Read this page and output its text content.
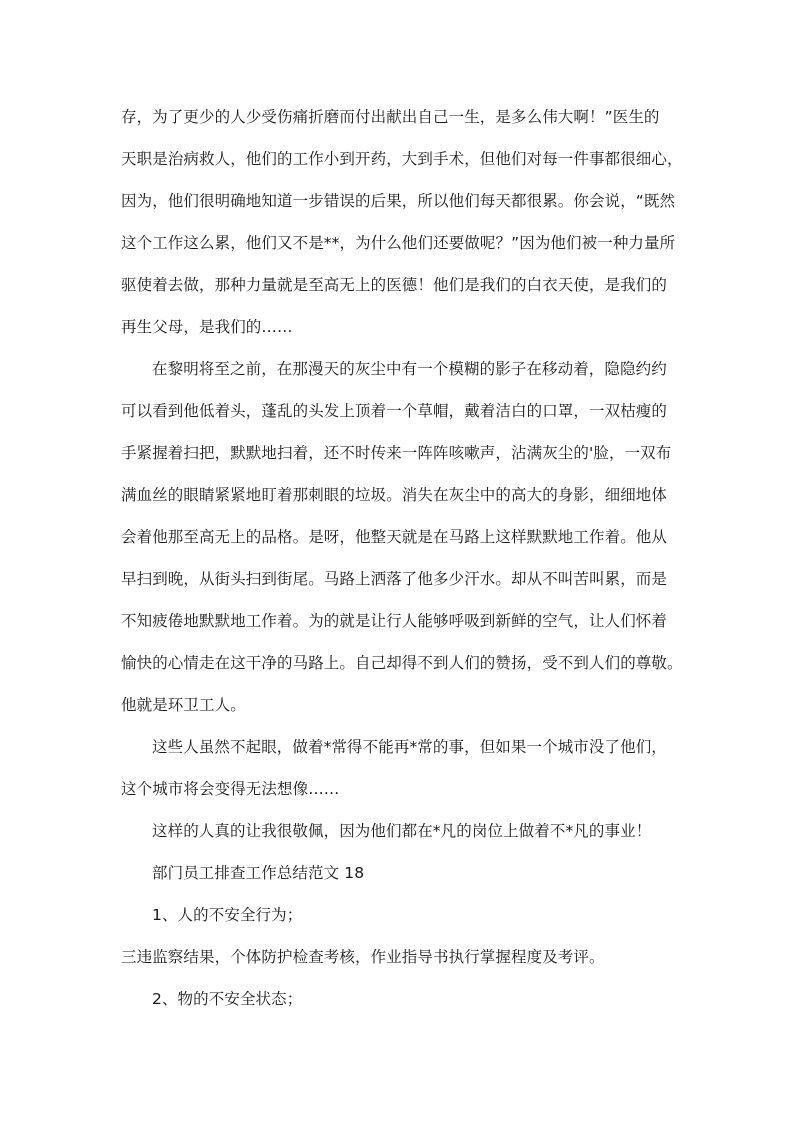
存，为了更少的人少受伤痛折磨而付出献出自己一生，是多么伟大啊！”医生的
天职是治病救人，他们的工作小到开药，大到手术，但他们对每一件事都很细心，
因为，他们很明确地知道一步错误的后果，所以他们每天都很累。你会说，“既然
这个工作这么累，他们又不是**，为什么他们还要做呢？”因为他们被一种力量所
驱使着去做，那种力量就是至高无上的医德！他们是我们的白衣天使，是我们的
再生父母，是我们的……
在黎明将至之前，在那漫天的灰尘中有一个模糊的影子在移动着，隐隐约约
可以看到他低着头，蓬乱的头发上顶着一个草帽，戴着洁白的口罩，一双枯瘦的
手紧握着扫把，默默地扫着，还不时传来一阵阵咳嗽声，沾满灰尘的'脸，一双布
满血丝的眼睛紧紧地盯着那刺眼的垃圾。消失在灰尘中的高大的身影，细细地体
会着他那至高无上的品格。是呀，他整天就是在马路上这样默默地工作着。他从
早扫到晚，从街头扫到街尾。马路上洒落了他多少汗水。却从不叫苦叫累，而是
不知疲倦地默默地工作着。为的就是让行人能够呼吸到新鲜的空气，让人们怀着
愉快的心情走在这干净的马路上。自己却得不到人们的赞扬，受不到人们的尊敬。
他就是环卫工人。
这些人虽然不起眼，做着*常得不能再*常的事，但如果一个城市没了他们，
这个城市将会变得无法想像……
这样的人真的让我很敬佩，因为他们都在*凡的岗位上做着不*凡的事业！
部门员工排查工作总结范文 18
1、人的不安全行为；
三违监察结果，个体防护检查考核，作业指导书执行掌握程度及考评。
2、物的不安全状态；
